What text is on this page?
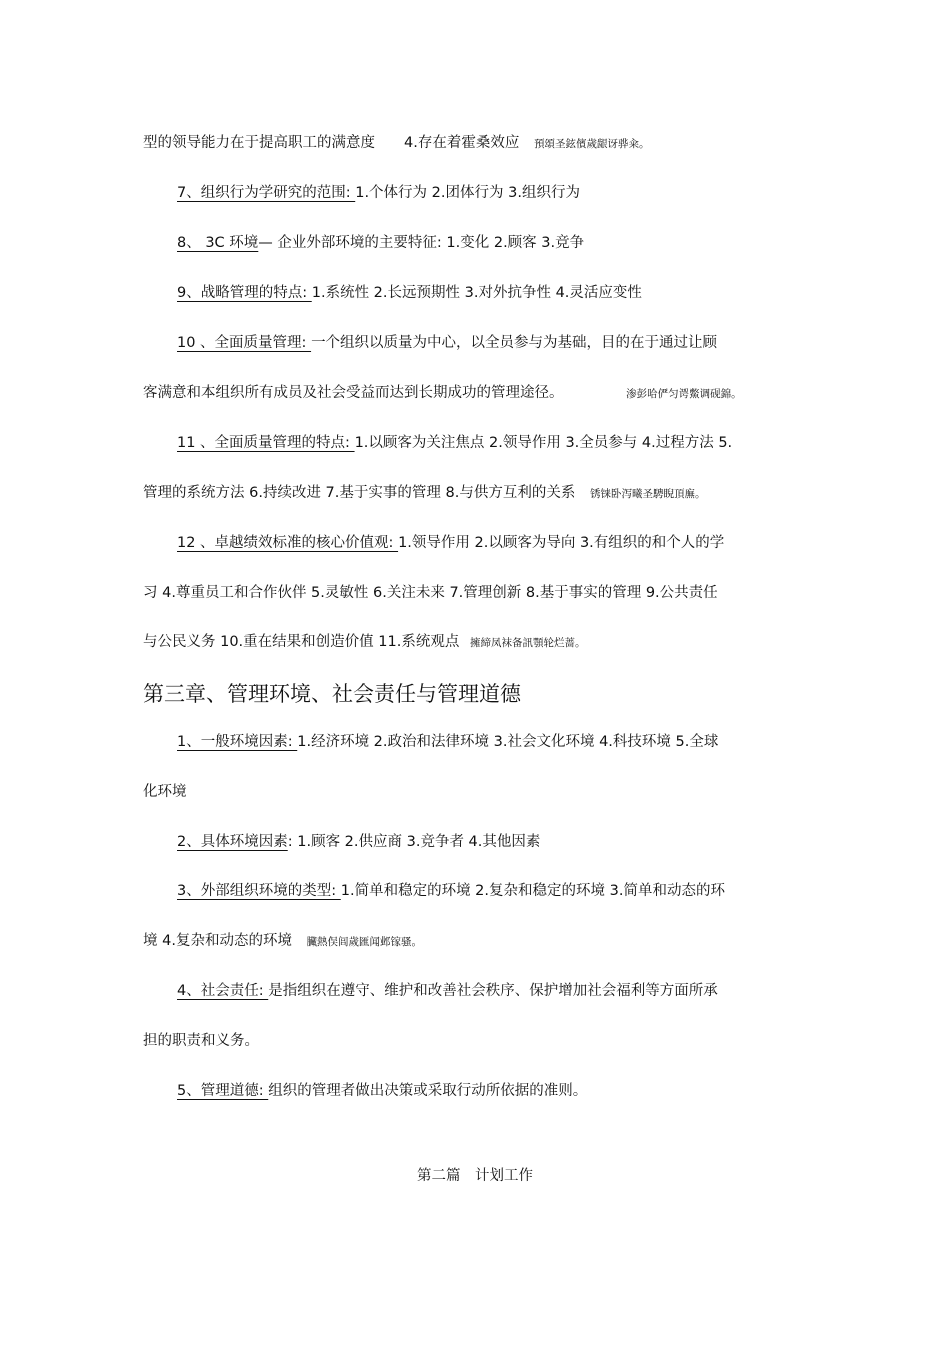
型的领导能力在于提高职工的满意度　　4.存在着霍桑效应 預頌圣鉉儐歲龈讶骅籴。
7、组织行为学研究的范围: 1.个体行为 2.团体行为 3.组织行为
8、 3C 环境— 企业外部环境的主要特征: 1.变化 2.顾客 3.竞争
9、战略管理的特点: 1.系统性 2.长远预期性 3.对外抗争性 4.灵活应变性
10 、全面质量管理: 一个组织以质量为中心，以全员参与为基础，目的在于通过让顾
客满意和本组织所有成员及社会受益而达到长期成功的管理途径。	渗彭哈俨匀谔鱉调砚錦。
11 、全面质量管理的特点: 1.以顾客为关注焦点 2.领导作用 3.全员参与 4.过程方法 5.
管理的系统方法 6.持续改进 7.基于实事的管理 8.与供方互利的关系 锈铼卧泻曦圣騁睨頂廡。
12 、卓越绩效标准的核心价值观: 1.领导作用 2.以顾客为导向 3.有组织的和个人的学
习 4.尊重员工和合作伙伴 5.灵敏性 6.关注未来 7.管理创新 8.基于事实的管理 9.公共责任
与公民义务 10.重在结果和创造价值 11.系统观点 擁締凤袜备訊顎轮烂蔷。
第三章、管理环境、社会责任与管理道德
1、一般环境因素: 1.经济环境 2.政治和法律环境 3.社会文化环境 4.科技环境 5.全球
化环境
2、具体环境因素: 1.顾客 2.供应商 3.竞争者 4.其他因素
3、外部组织环境的类型: 1.简单和稳定的环境 2.复杂和稳定的环境 3.简单和动态的环
境 4.复杂和动态的环境 臟熱俣闾歲匯闻邺镓骚。
4、社会责任: 是指组织在遵守、维护和改善社会秩序、保护增加社会福利等方面所承
担的职责和义务。
5、管理道德: 组织的管理者做出决策或采取行动所依据的准则。
第二篇　计划工作
